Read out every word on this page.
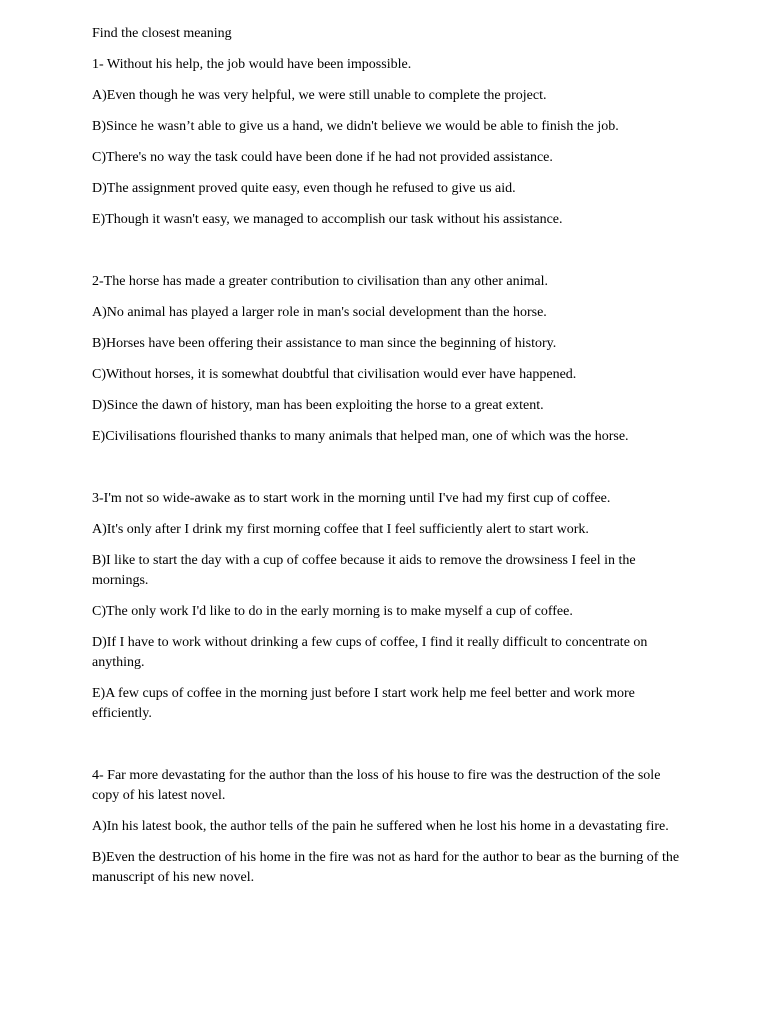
Find the closest meaning

1- Without his help, the job would have been impossible.

A)Even though he was very helpful, we were still unable to complete the project.

B)Since he wasn’t able to give us a hand, we didn't believe we would be able to finish the job.

C)There's no way the task could have been done if he had not provided assistance.

D)The assignment proved quite easy, even though he refused to give us aid.

E)Though it wasn't easy, we managed to accomplish our task without his assistance.

2-The horse has made a greater contribution to civilisation than any other animal.

A)No animal has played a larger role in man's social development than the horse.

B)Horses have been offering their assistance to man since the beginning of history.

C)Without horses, it is somewhat doubtful that civilisation would ever have happened.

D)Since the dawn of history, man has been exploiting the horse to a great extent.

E)Civilisations flourished thanks to many animals that helped man, one of which was the horse.

3-I'm not so wide-awake as to start work in the morning until I've had my first cup of coffee.

A)It's only after I drink my first morning coffee that I feel sufficiently alert to start work.

B)I like to start the day with a cup of coffee because it aids to remove the drowsiness I feel in the mornings.

C)The only work I'd like to do in the early morning is to make myself a cup of coffee.

D)If I have to work without drinking a few cups of coffee, I find it really difficult to concentrate on anything.

E)A few cups of coffee in the morning just before I start work help me feel better and work more efficiently.

4- Far more devastating for the author than the loss of his house to fire was the destruction of the sole copy of his latest novel.

A)In his latest book, the author tells of the pain he suffered when he lost his home in a devastating fire.

B)Even the destruction of his home in the fire was not as hard for the author to bear as the burning of the manuscript of his new novel.
